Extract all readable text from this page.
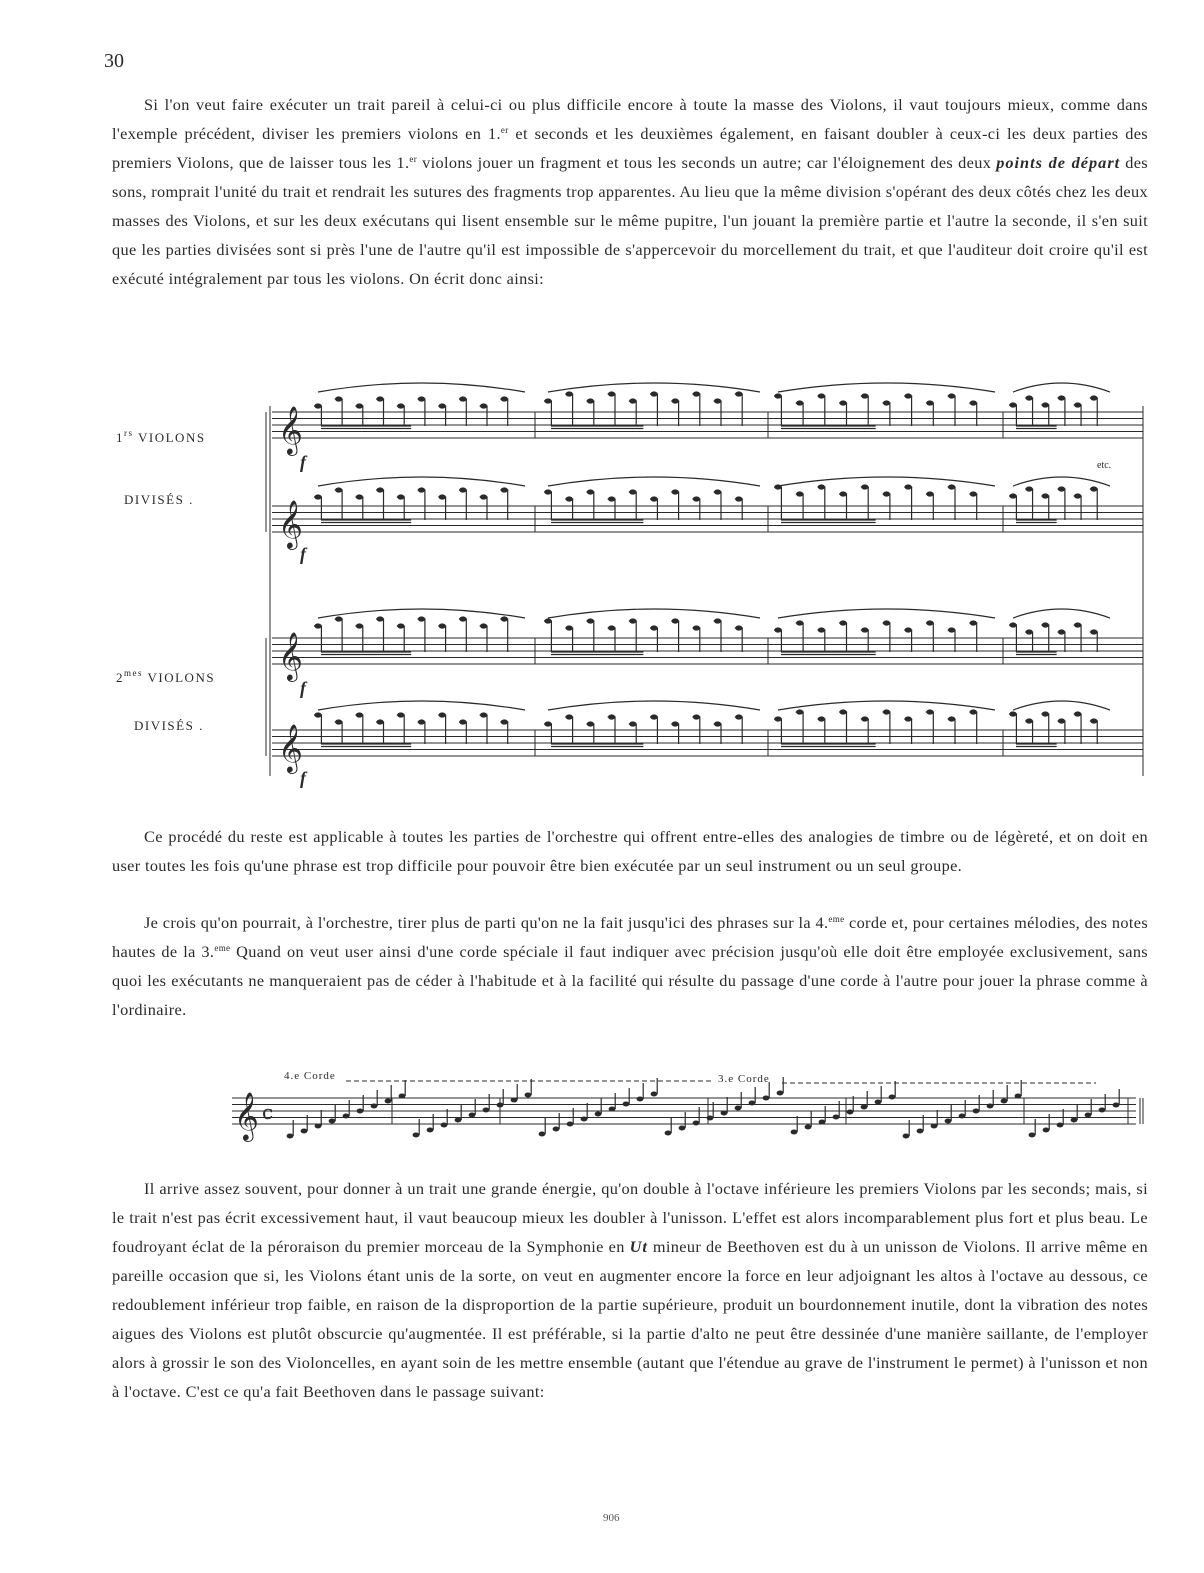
30

Si l'on veut faire exécuter un trait pareil à celui-ci ou plus difficile encore à toute la masse des Violons, il vaut toujours mieux, comme dans l'exemple précédent, diviser les premiers violons en 1.$^{er}$ et seconds et les deuxièmes également, en faisant doubler à ceux-ci les deux parties des premiers Violons, que de laisser tous les 1.$^{er}$ violons jouer un fragment et tous les seconds un autre; car l'éloignement des deux points de départ des sons, romprait l'unité du trait et rendrait les sutures des fragments trop apparentes. Au lieu que la même division s'opérant des deux côtés chez les deux masses des Violons, et sur les deux exécutans qui lisent ensemble sur le même pupitre, l'un jouant la première partie et l'autre la seconde, il s'en suit que les parties divisées sont si près l'une de l'autre qu'il est impossible de s'appercevoir du morcellement du trait, et que l'auditeur doit croire qu'il est exécuté intégralement par tous les violons. On écrit donc ainsi:

𝄞
𝄞
𝄞
𝄞
𝄞 c
$1^{rs}$ VIOLONS
DIVISÉS .
$2^{mes}$ VIOLONS
DIVISÉS .
f
f
f
f
etc.

Ce procédé du reste est applicable à toutes les parties de l'orchestre qui offrent entre-elles des analogies de timbre ou de légèreté, et on doit en user toutes les fois qu'une phrase est trop difficile pour pouvoir être bien exécutée par un seul instrument ou un seul groupe.

Je crois qu'on pourrait, à l'orchestre, tirer plus de parti qu'on ne la fait jusqu'ici des phrases sur la 4.$^{eme}$ corde et, pour certaines mélodies, des notes hautes de la 3.$^{eme}$ Quand on veut user ainsi d'une corde spéciale il faut indiquer avec précision jusqu'où elle doit être employée exclusivement, sans quoi les exécutants ne manqueraient pas de céder à l'habitude et à la facilité qui résulte du passage d'une corde à l'autre pour jouer la phrase comme à l'ordinaire.

4.e Corde	3.e Corde

Il arrive assez souvent, pour donner à un trait une grande énergie, qu'on double à l'octave inférieure les premiers Violons par les seconds; mais, si le trait n'est pas écrit excessivement haut, il vaut beaucoup mieux les doubler à l'unisson. L'effet est alors incomparablement plus fort et plus beau. Le foudroyant éclat de la péroraison du premier morceau de la Symphonie en Ut mineur de Beethoven est du à un unisson de Violons. Il arrive même en pareille occasion que si, les Violons étant unis de la sorte, on veut en augmenter encore la force en leur adjoignant les altos à l'octave au dessous, ce redoublement inférieur trop faible, en raison de la disproportion de la partie supérieure, produit un bourdonnement inutile, dont la vibration des notes aigues des Violons est plutôt obscurcie qu'augmentée. Il est préférable, si la partie d'alto ne peut être dessinée d'une manière saillante, de l'employer alors à grossir le son des Violoncelles, en ayant soin de les mettre ensemble (autant que l'étendue au grave de l'instrument le permet) à l'unisson et non à l'octave. C'est ce qu'a fait Beethoven dans le passage suivant:

906
